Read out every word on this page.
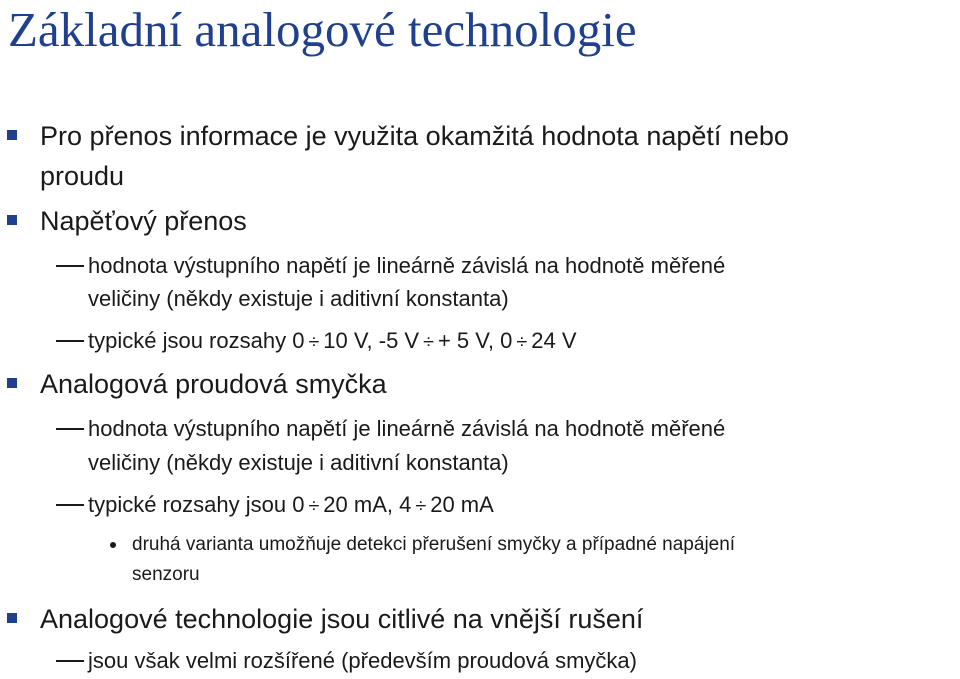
Základní analogové technologie
Pro přenos informace je využita okamžitá hodnota napětí nebo
proudu
Napěťový přenos
hodnota výstupního napětí je lineárně závislá na hodnotě měřené
veličiny (někdy existuje i aditivní konstanta)
typické jsou rozsahy 0 ÷ 10 V, -5 V ÷ + 5 V, 0 ÷ 24 V
Analogová proudová smyčka
hodnota výstupního napětí je lineárně závislá na hodnotě měřené
veličiny (někdy existuje i aditivní konstanta)
typické rozsahy jsou 0 ÷ 20 mA, 4 ÷ 20 mA
druhá varianta umožňuje detekci přerušení smyčky a případné napájení
senzoru
Analogové technologie jsou citlivé na vnější rušení
jsou však velmi rozšířené (především proudová smyčka)
